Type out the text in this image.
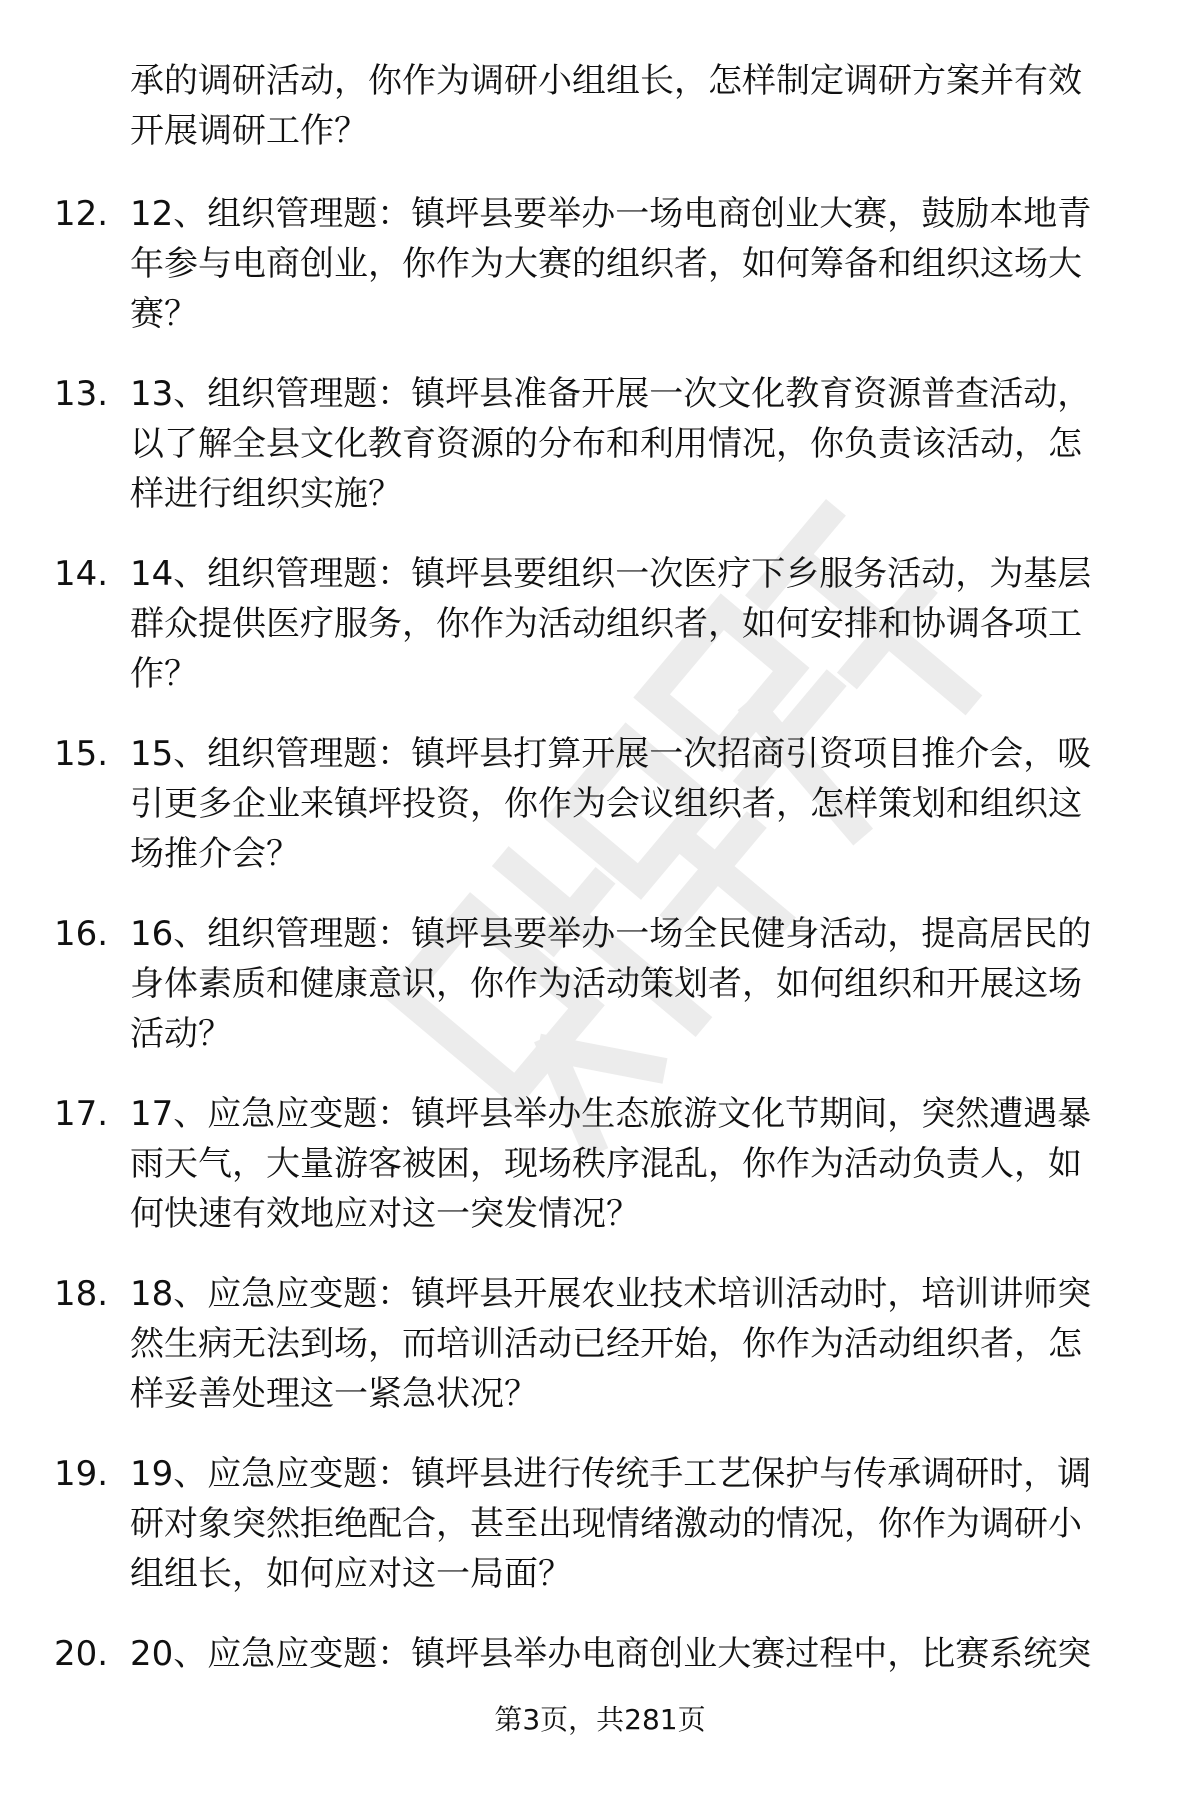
承的调研活动，你作为调研小组组长，怎样制定调研方案并有效
开展调研工作？
12. 12、组织管理题：镇坪县要举办一场电商创业大赛，鼓励本地青
年参与电商创业，你作为大赛的组织者，如何筹备和组织这场大
赛？
13. 13、组织管理题：镇坪县准备开展一次文化教育资源普查活动，
以了解全县文化教育资源的分布和利用情况，你负责该活动，怎
样进行组织实施？
14. 14、组织管理题：镇坪县要组织一次医疗下乡服务活动，为基层
群众提供医疗服务，你作为活动组织者，如何安排和协调各项工
作？
15. 15、组织管理题：镇坪县打算开展一次招商引资项目推介会，吸
引更多企业来镇坪投资，你作为会议组织者，怎样策划和组织这
场推介会？
16. 16、组织管理题：镇坪县要举办一场全民健身活动，提高居民的
身体素质和健康意识，你作为活动策划者，如何组织和开展这场
活动？
17. 17、应急应变题：镇坪县举办生态旅游文化节期间，突然遭遇暴
雨天气，大量游客被困，现场秩序混乱，你作为活动负责人，如
何快速有效地应对这一突发情况？
18. 18、应急应变题：镇坪县开展农业技术培训活动时，培训讲师突
然生病无法到场，而培训活动已经开始，你作为活动组织者，怎
样妥善处理这一紧急状况？
19. 19、应急应变题：镇坪县进行传统手工艺保护与传承调研时，调
研对象突然拒绝配合，甚至出现情绪激动的情况，你作为调研小
组组长，如何应对这一局面？
20. 20、应急应变题：镇坪县举办电商创业大赛过程中，比赛系统突
第3页，共281页
